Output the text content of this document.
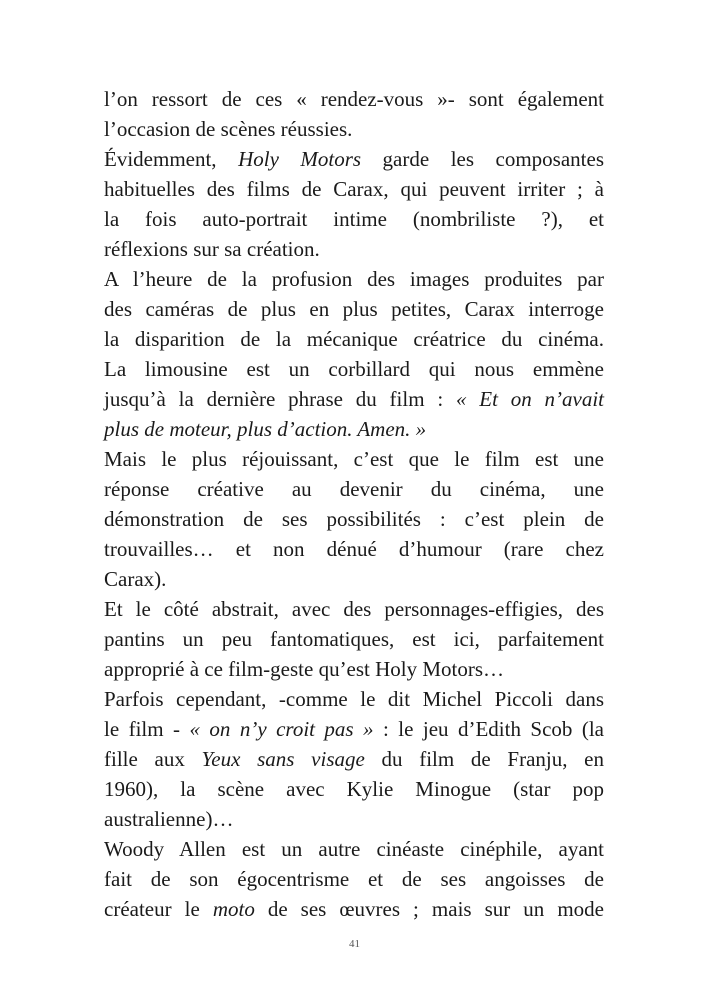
l’on ressort de ces « rendez-vous »- sont également
l’occasion de scènes réussies.
Évidemment, Holy Motors garde les composantes
habituelles des films de Carax, qui peuvent irriter ; à
la fois auto-portrait intime (nombriliste ?), et
réflexions sur sa création.
A l’heure de la profusion des images produites par
des caméras de plus en plus petites, Carax interroge
la disparition de la mécanique créatrice du cinéma.
La limousine est un corbillard qui nous emmène
jusqu’à la dernière phrase du film : « Et on n’avait
plus de moteur, plus d’action. Amen. »
Mais le plus réjouissant, c’est que le film est une
réponse créative au devenir du cinéma, une
démonstration de ses possibilités : c’est plein de
trouvailles… et non dénué d’humour (rare chez
Carax).
Et le côté abstrait, avec des personnages-effigies, des
pantins un peu fantomatiques, est ici, parfaitement
approprié à ce film-geste qu’est Holy Motors…
Parfois cependant, -comme le dit Michel Piccoli dans
le film - « on n’y croit pas » : le jeu d’Edith Scob (la
fille aux Yeux sans visage du film de Franju, en
1960), la scène avec Kylie Minogue (star pop
australienne)…
Woody Allen est un autre cinéaste cinéphile, ayant
fait de son égocentrisme et de ses angoisses de
créateur le moto de ses œuvres ; mais sur un mode
41
